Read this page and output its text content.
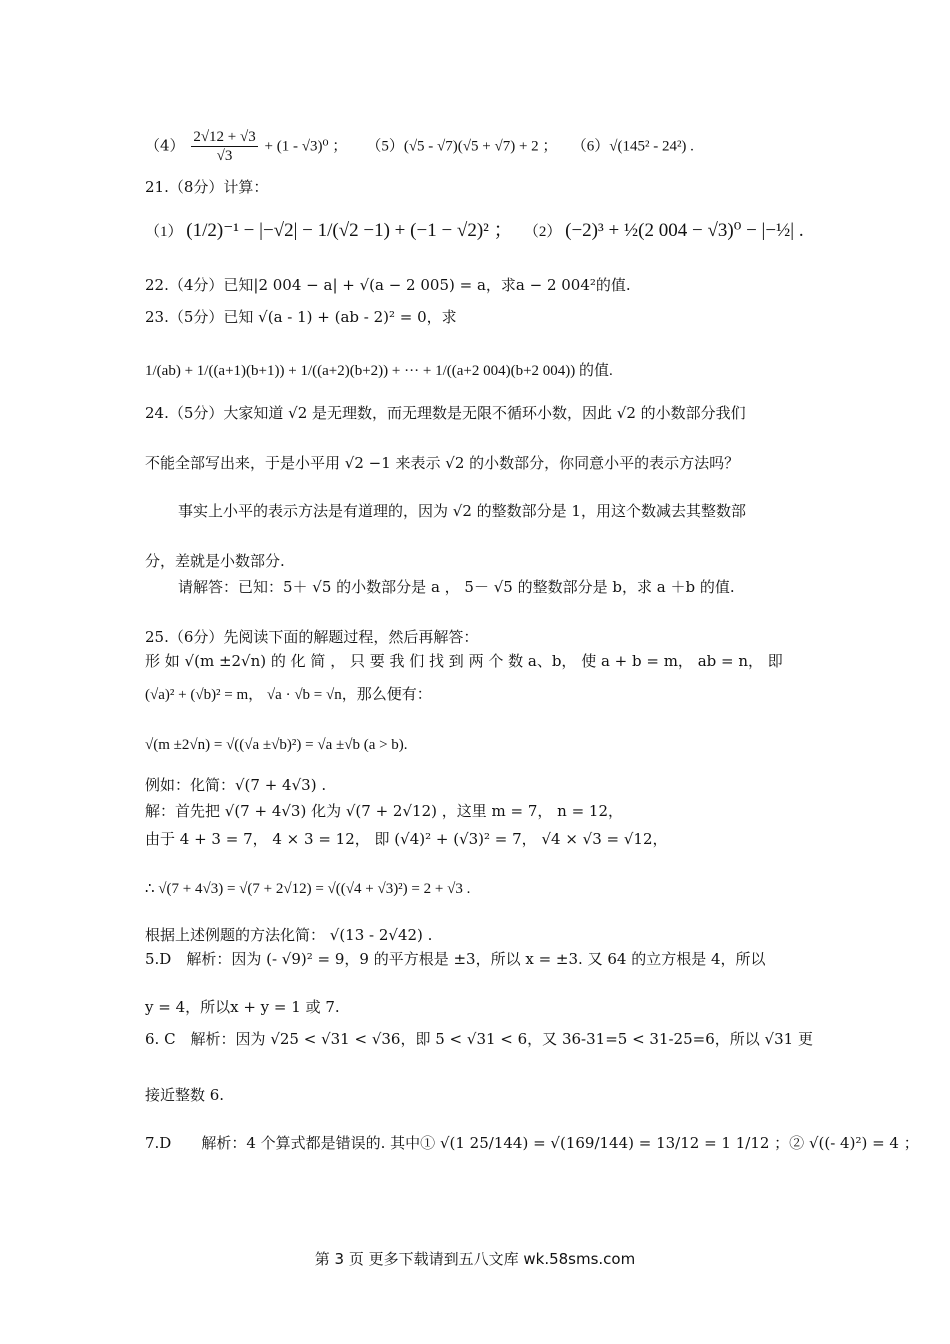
$(4) \frac{2√12 + √3}{√3} + (1 - √3)^0$ ； （5）(√5 - √7)(√5 + √7) + 2 ； （6）√(145² - 24²) .
21.（8分）计算：
（1） (1/2)⁻¹ − |−√2| − 1/(√2 −1) + (−1 − √2)² ； （2） (−2)³ + ½(2 004 − √3)⁰ − |−½| .
22.（4分）已知|2 004 − a| + √(a − 2 005) = a，求a − 2 004²的值.
23.（5分）已知 √(a - 1) + (ab - 2)² = 0，求
1/(ab) + 1/((a+1)(b+1)) + 1/((a+2)(b+2)) + ··· + 1/((a+2 004)(b+2 004)) 的值.
24.（5分）大家知道 √2 是无理数，而无理数是无限不循环小数，因此 √2 的小数部分我们
不能全部写出来，于是小平用 √2 −1 来表示 √2 的小数部分，你同意小平的表示方法吗？
事实上小平的表示方法是有道理的，因为 √2 的整数部分是 1，用这个数减去其整数部
分，差就是小数部分.
请解答：已知：5＋ √5 的小数部分是 a ， 5－ √5 的整数部分是 b，求 a ＋b 的值.
25.（6分）先阅读下面的解题过程，然后再解答：
形 如 √(m ±2√n) 的 化 简 ， 只 要 我 们 找 到 两 个 数 a、b， 使 a + b = m， ab = n， 即
(√a)² + (√b)² = m， √a · √b = √n，那么便有：
√(m ±2√n) = √((√a ±√b)²) = √a ±√b (a > b).
例如：化简：√(7 + 4√3) .
解：首先把 √(7 + 4√3) 化为 √(7 + 2√12) ，这里 m = 7， n = 12，
由于 4 + 3 = 7， 4 × 3 = 12， 即 (√4)² + (√3)² = 7， √4 × √3 = √12，
∴ √(7 + 4√3) = √(7 + 2√12) = √((√4 + √3)²) = 2 + √3 .
根据上述例题的方法化简： √(13 - 2√42) .
5.D　解析：因为 (- √9)² = 9，9 的平方根是 ±3，所以 x = ±3. 又 64 的立方根是 4，所以
y = 4，所以x + y = 1 或 7.
6. C　解析：因为 √25 < √31 < √36，即 5 < √31 < 6，又 36-31=5 < 31-25=6，所以 √31 更
接近整数 6.
7.D　　解析：4 个算式都是错误的. 其中① √(1 25/144) = √(169/144) = 13/12 = 1 1/12 ；② √((- 4)²) = 4 ；
第 3 页 更多下载请到五八文库 wk.58sms.com
